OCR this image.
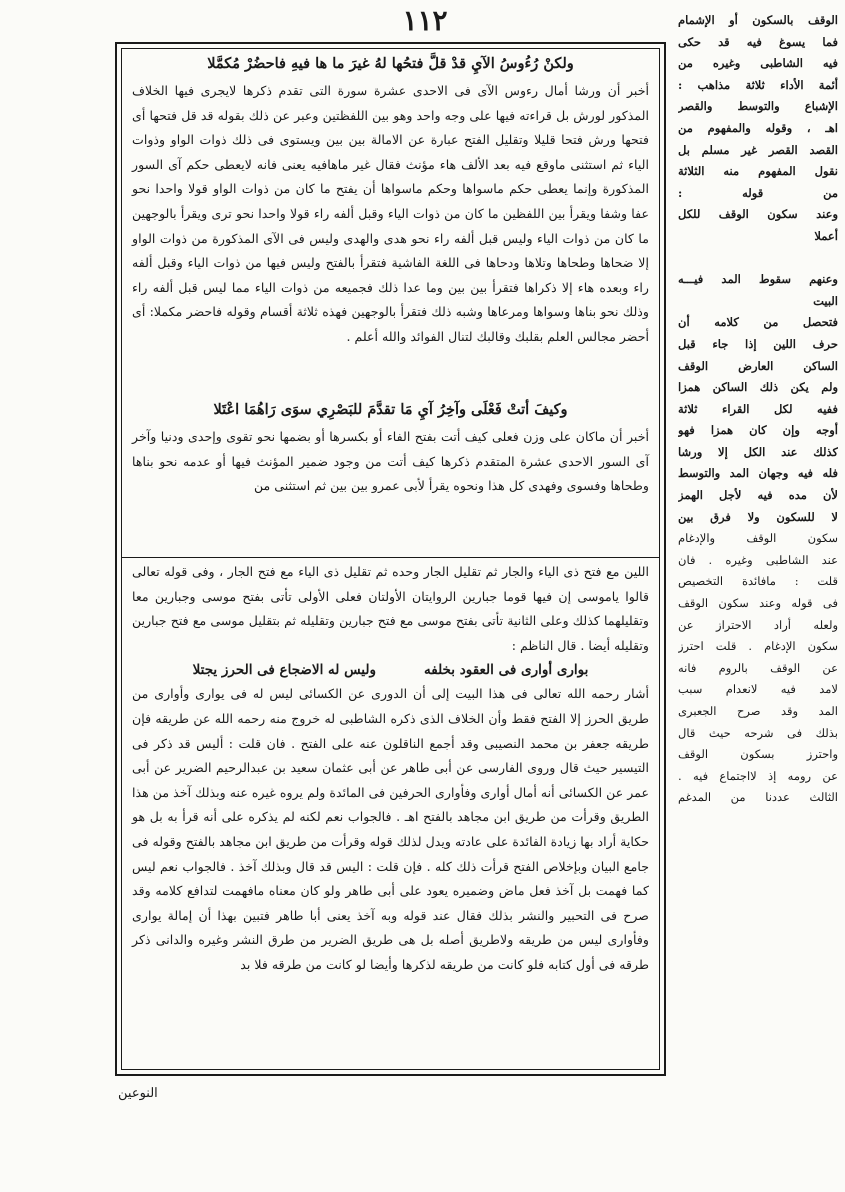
١١٢
ولكنْ رُءُوسُ الآيِ قدْ قلَّ فتحُها لهُ غيرَ ما ها فيهِ فاحضُرْ مُكمَّلا
أخبر أن ورشا أمال رءوس الآى فى الاحدى عشرة سورة التى تقدم ذكرها لايجرى فيها الخلاف المذكور لورش بل قراءته فيها على وجه واحد وهو بين اللفظتين وعبر عن ذلك بقوله قد قل فتحها أى فتحها ورش فتحا قليلا وتقليل الفتح عبارة عن الامالة بين بين ويستوى فى ذلك ذوات الواو وذوات الياء ثم استثنى ماوقع فيه بعد الألف هاء مؤنث فقال غير ماهافيه يعنى فانه لايعطى حكم آى السور المذكورة وإنما يعطى حكم ماسواها وحكم ماسواها أن يفتح ما كان من ذوات الواو قولا واحدا نحو عفا وشفا ويقرأ بين اللفظين ما كان من ذوات الياء وقبل ألفه راء قولا واحدا نحو ترى ويقرأ بالوجهين ما كان من ذوات الياء وليس قبل ألفه راء نحو هدى والهدى وليس فى الآى المذكورة من ذوات الواو إلا ضحاها وطحاها وتلاها ودحاها فى اللغة الفاشية فتقرأ بالفتح وليس فيها من ذوات الياء وقبل ألفه راء وبعده هاء إلا ذكراها فتقرأ بين بين وما عدا ذلك فجميعه من ذوات الياء مما ليس قبل ألفه راء وذلك نحو بناها وسواها ومرعاها وشبه ذلك فتقرأ بالوجهين فهذه ثلاثة أقسام وقوله فاحضر مكملا: أى أحضر مجالس العلم بقلبك وقالبك لتنال الفوائد والله أعلم .
وكيفَ أتتْ فَعْلَى وآخِرُ آيِ مَا تقدَّمَ للبَصْرِي سوَى رَاهُمَا اعْتَلا
أخبر أن ماكان على وزن فعلى كيف أتت بفتح الفاء أو بكسرها أو بضمها نحو تقوى وإحدى ودنيا وآخر آى السور الاحدى عشرة المتقدم ذكرها كيف أتت من وجود ضمير المؤنث فيها أو عدمه نحو بناها وطحاها وفسوى وفهدى كل هذا ونحوه يقرأ لأبى عمرو بين بين ثم استثنى من
اللين مع فتح ذى الياء والجار ثم تقليل الجار وحده ثم تقليل ذى الياء مع فتح الجار ، وفى قوله تعالى قالوا ياموسى إن فيها قوما جبارين الروايتان الأولتان فعلى الأولى تأتى بفتح موسى وجبارين معا وتقليلهما كذلك وعلى الثانية تأتى بفتح موسى مع فتح جبارين وتقليله ثم بتقليل موسى مع فتح جبارين وتقليله أيضا . قال الناظم :
بوارى أوارى فى العقود بخلفه
وليس له الاضجاع فى الحرز يجتلا
أشار رحمه الله تعالى فى هذا البيت إلى أن الدورى عن الكسائى ليس له فى يوارى وأوارى من طريق الحرز إلا الفتح فقط وأن الخلاف الذى ذكره الشاطبى له خروج منه رحمه الله عن طريقه فإن طريقه جعفر بن محمد النصيبى وقد أجمع الناقلون عنه على الفتح . فان قلت : أليس قد ذكر فى التيسير حيث قال وروى الفارسى عن أبى طاهر عن أبى عثمان سعيد بن عبدالرحيم الضرير عن أبى عمر عن الكسائى أنه أمال أوارى وفأوارى الحرفين فى المائدة ولم يروه غيره عنه وبذلك آخذ من هذا الطريق وقرأت من طريق ابن مجاهد بالفتح اهـ . فالجواب نعم لكنه لم يذكره على أنه قرأ به بل هو حكاية أراد بها زيادة الفائدة على عادته ويدل لذلك قوله وقرأت من طريق ابن مجاهد بالفتح وقوله فى جامع البيان وبإخلاص الفتح قرأت ذلك كله . فإن قلت : اليس قد قال وبذلك آخذ . فالجواب نعم ليس كما فهمت بل آخذ فعل ماض وضميره يعود على أبى طاهر ولو كان معناه مافهمت لتدافع كلامه وقد صرح فى التحبير والنشر بذلك فقال عند قوله وبه آخذ يعنى أبا طاهر فتبين بهذا أن إمالة يوارى وفأوارى ليس من طريقه ولاطريق أصله بل هى طريق الضرير من طرق النشر وغيره والدانى ذكر طرقه فى أول كتابه فلو كانت من طريقه لذكرها وأيضا لو كانت من طرقه فلا بد
الوقف بالسكون أو الإشمام
فما يسوغ فيه قد حكى
فيه الشاطبى وغيره من
أئمة الأداء ثلاثة مذاهب :
الإشباع والتوسط والقصر
اهـ ، وقوله والمفهوم من
القصد القصر غير مسلم بل
نقول المفهوم منه الثلاثة
من قوله :
وعند سكون الوقف للكل
أعملا

وعنهم سقوط المد فيـــه
البيت
فتحصل من كلامه أن
حرف اللين إذا جاء قبل
الساكن العارض الوقف
ولم يكن ذلك الساكن همزا
ففيه لكل القراء ثلاثة
أوجه وإن كان همزا فهو
كذلك عند الكل إلا ورشا
فله فيه وجهان المد والتوسط
لأن مده فيه لأجل الهمز
لا للسكون ولا فرق بين
سكون الوقف والإدغام
عند الشاطبى وغيره . فان
قلت : مافائدة التخصيص
فى قوله وعند سكون الوقف
ولعله أراد الاحتراز عن
سكون الإدغام . قلت احترز
عن الوقف بالروم فانه
لامد فيه لانعدام سبب
المد وقد صرح الجعبرى
بذلك فى شرحه حيث قال
واحترز بسكون الوقف
عن رومه إذ لااجتماع فيه .
الثالث عددنا من المدغم
النوعين
